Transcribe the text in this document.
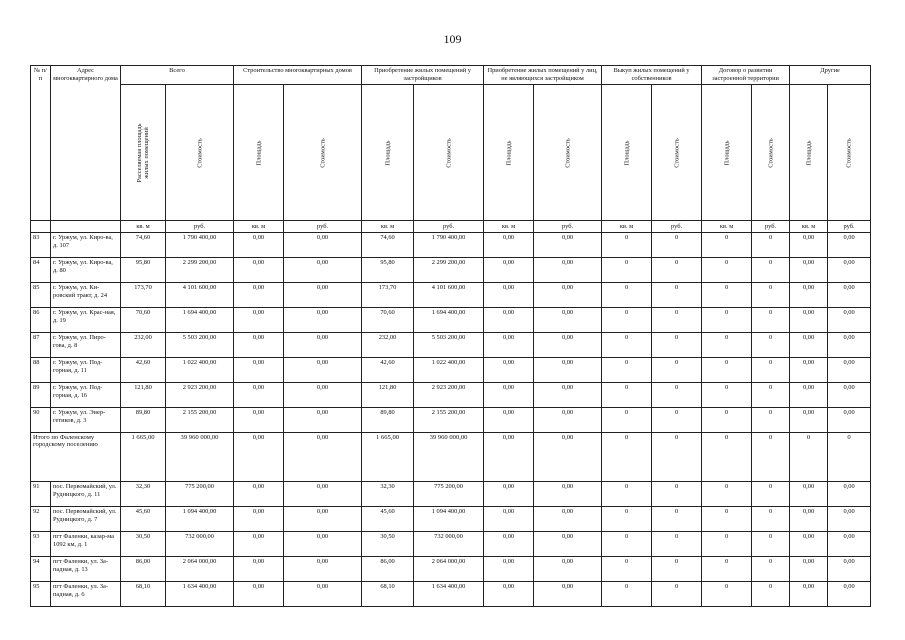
109
№ п/п	Адрес многоквартирного дома	Всего		Строительство многоквартирных домов		Приобретение жилых помещений у застройщиков		Приобретение жилых помещений у лиц, не являющихся застройщиком		Выкуп жилых помещений у собственников		Договор о развитии застроенной территории		Другие	

		Расселяемая площадь жилых помещений	Стоимость	Площадь	Стоимость	Площадь	Стоимость	Площадь	Стоимость	Площадь	Стоимость	Площадь	Стоимость	Площадь	Стоимость

		кв. м	руб.	кв. м	руб.	кв. м	руб.	кв. м	руб.	кв. м	руб.	кв. м	руб.	кв. м	руб.
83	г. Уржум, ул. Киро-ва, д. 107	74,60	1 790 400,00	0,00	0,00	74,60	1 790 400,00	0,00	0,00	0	0	0	0	0,00	0,00
84	г. Уржум, ул. Киро-ва, д. 80	95,80	2 299 200,00	0,00	0,00	95,80	2 299 200,00	0,00	0,00	0	0	0	0	0,00	0,00
85	г. Уржум, ул. Ки-ровский тракт, д. 24	173,70	4 101 600,00	0,00	0,00	173,70	4 101 600,00	0,00	0,00	0	0	0	0	0,00	0,00
86	г. Уржум, ул. Крас-ная, д. 19	70,60	1 694 400,00	0,00	0,00	70,60	1 694 400,00	0,00	0,00	0	0	0	0	0,00	0,00
87	г. Уржум, ул. Пиро-гова, д. 8	232,00	5 503 200,00	0,00	0,00	232,00	5 503 200,00	0,00	0,00	0	0	0	0	0,00	0,00
88	г. Уржум, ул. Под-горная, д. 11	42,60	1 022 400,00	0,00	0,00	42,60	1 022 400,00	0,00	0,00	0	0	0	0	0,00	0,00
89	г. Уржум, ул. Под-горная, д. 16	121,80	2 923 200,00	0,00	0,00	121,80	2 923 200,00	0,00	0,00	0	0	0	0	0,00	0,00
90	г. Уржум, ул. Энер-гетиков, д. 3	89,80	2 155 200,00	0,00	0,00	89,80	2 155 200,00	0,00	0,00	0	0	0	0	0,00	0,00
Итого по Фаленскому городскому поселению		1 665,00	39 960 000,00	0,00	0,00	1 665,00	39 960 000,00	0,00	0,00	0	0	0	0	0	0
91	пос. Первомайский, ул. Рудницкого, д. 11	32,30	775 200,00	0,00	0,00	32,30	775 200,00	0,00	0,00	0	0	0	0	0,00	0,00
92	пос. Первомайский, ул. Рудницкого, д. 7	45,60	1 094 400,00	0,00	0,00	45,60	1 094 400,00	0,00	0,00	0	0	0	0	0,00	0,00
93	пгт Фаленки, казар-ма 1092 км, д. 1	30,50	732 000,00	0,00	0,00	30,50	732 000,00	0,00	0,00	0	0	0	0	0,00	0,00
94	пгт Фаленки, ул. За-падная, д. 13	86,00	2 064 000,00	0,00	0,00	86,00	2 064 000,00	0,00	0,00	0	0	0	0	0,00	0,00
95	пгт Фаленки, ул. За-падная, д. 6	68,10	1 634 400,00	0,00	0,00	68,10	1 634 400,00	0,00	0,00	0	0	0	0	0,00	0,00
